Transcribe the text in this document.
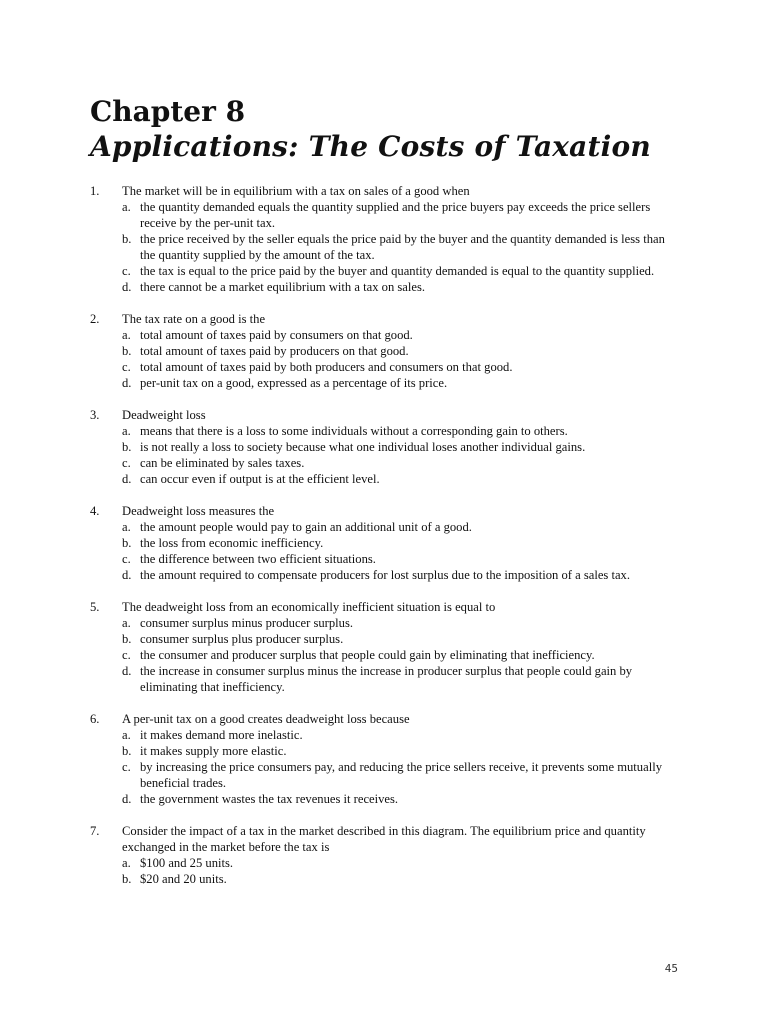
Chapter 8
Applications: The Costs of Taxation
1.	The market will be in equilibrium with a tax on sales of a good when
a. the quantity demanded equals the quantity supplied and the price buyers pay exceeds the price sellers receive by the per-unit tax.
b. the price received by the seller equals the price paid by the buyer and the quantity demanded is less than the quantity supplied by the amount of the tax.
c. the tax is equal to the price paid by the buyer and quantity demanded is equal to the quantity supplied.
d. there cannot be a market equilibrium with a tax on sales.
2.	The tax rate on a good is the
a. total amount of taxes paid by consumers on that good.
b. total amount of taxes paid by producers on that good.
c. total amount of taxes paid by both producers and consumers on that good.
d. per-unit tax on a good, expressed as a percentage of its price.
3.	Deadweight loss
a. means that there is a loss to some individuals without a corresponding gain to others.
b. is not really a loss to society because what one individual loses another individual gains.
c. can be eliminated by sales taxes.
d. can occur even if output is at the efficient level.
4.	Deadweight loss measures the
a. the amount people would pay to gain an additional unit of a good.
b. the loss from economic inefficiency.
c. the difference between two efficient situations.
d. the amount required to compensate producers for lost surplus due to the imposition of a sales tax.
5.	The deadweight loss from an economically inefficient situation is equal to
a. consumer surplus minus producer surplus.
b. consumer surplus plus producer surplus.
c. the consumer and producer surplus that people could gain by eliminating that inefficiency.
d. the increase in consumer surplus minus the increase in producer surplus that people could gain by eliminating that inefficiency.
6.	A per-unit tax on a good creates deadweight loss because
a. it makes demand more inelastic.
b. it makes supply more elastic.
c. by increasing the price consumers pay, and reducing the price sellers receive, it prevents some mutually beneficial trades.
d. the government wastes the tax revenues it receives.
7.	Consider the impact of a tax in the market described in this diagram. The equilibrium price and quantity exchanged in the market before the tax is
a. $100 and 25 units.
b. $20 and 20 units.
45
